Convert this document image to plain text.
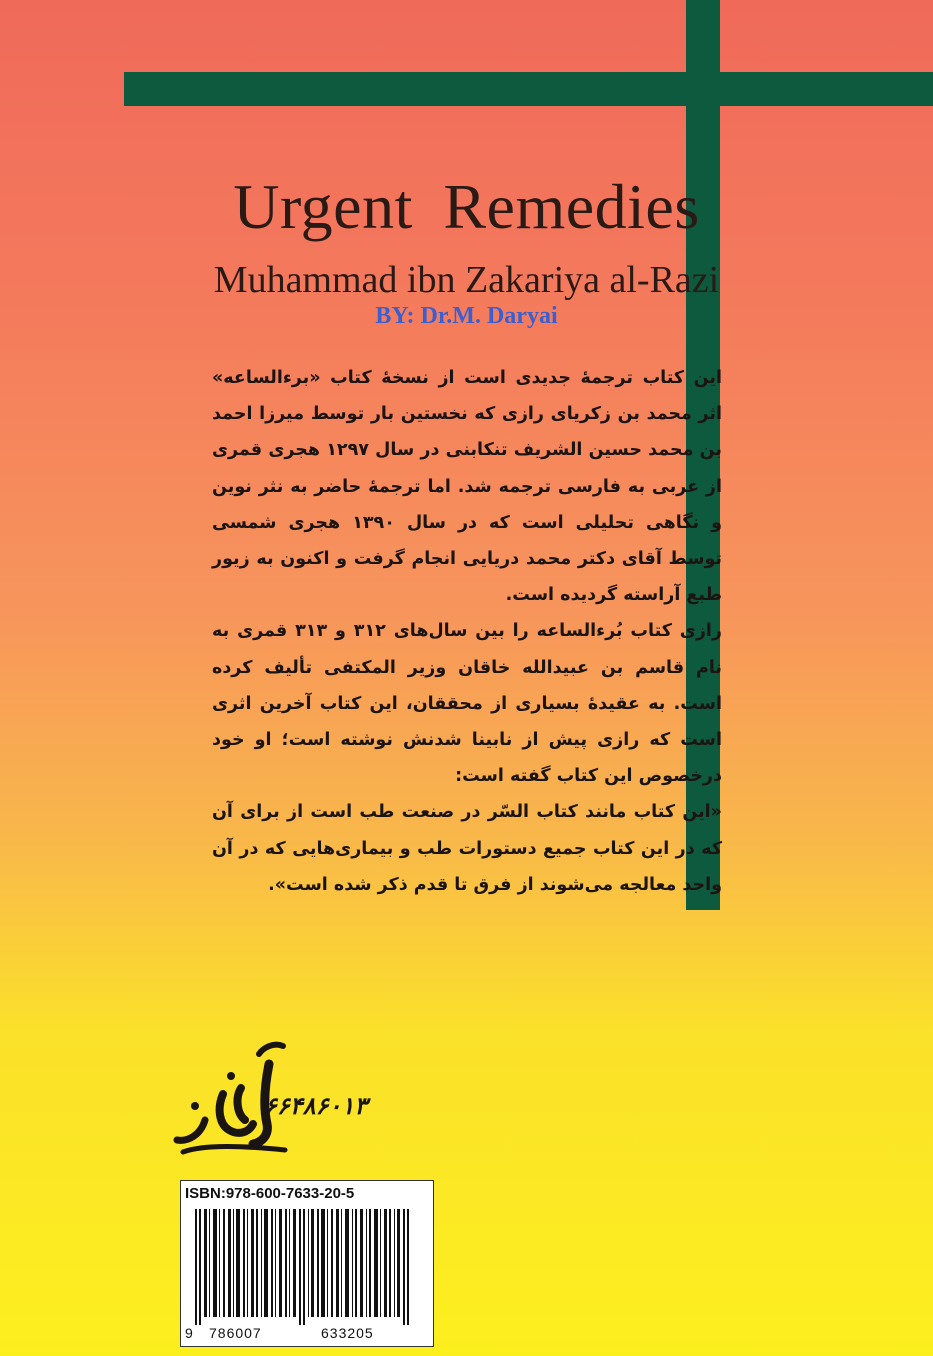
Urgent Remedies
Muhammad ibn Zakariya al-Razi
BY: Dr.M. Daryai

این کتاب ترجمهٔ جدیدی است از نسخهٔ کتاب «برءالساعه» اثر محمد بن زکریای رازی که نخستین بار توسط میرزا احمد بن محمد حسین الشریف تنکابنی در سال ۱۲۹۷ هجری قمری از عربی به فارسی ترجمه شد. اما ترجمهٔ حاضر به نثر نوین و نگاهی تحلیلی است که در سال ۱۳۹۰ هجری شمسی توسط آقای دکتر محمد دریایی انجام گرفت و اکنون به زیور طبع آراسته گردیده است.

رازی کتاب بُرءالساعه را بین سال‌های ۳۱۲ و ۳۱۳ قمری به نام قاسم بن عبیدالله خاقان وزیر المکتفی تألیف کرده است. به عقیدهٔ بسیاری از محققان، این کتاب آخرین اثری است که رازی پیش از نابینا شدنش نوشته است؛ او خود درخصوص این کتاب گفته است:

«این کتاب مانند کتاب السّر در صنعت طب است از برای آن که در این کتاب جمیع دستورات طب و بیماری‌هایی که در آن واحد معالجه می‌شوند از فرق تا قدم ذکر شده است».

۶۶۴۸۶۰۱۳
ISBN:978-600-7633-20-5
9 786007	633205
